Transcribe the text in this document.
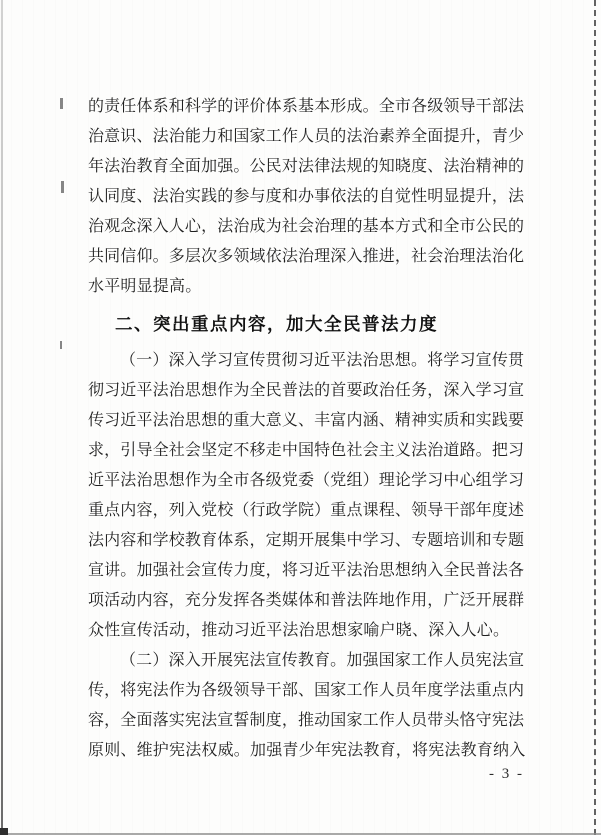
的责任体系和科学的评价体系基本形成。全市各级领导干部法
治意识、法治能力和国家工作人员的法治素养全面提升，青少
年法治教育全面加强。公民对法律法规的知晓度、法治精神的
认同度、法治实践的参与度和办事依法的自觉性明显提升，法
治观念深入人心，法治成为社会治理的基本方式和全市公民的
共同信仰。多层次多领域依法治理深入推进，社会治理法治化
水平明显提高。
二、突出重点内容，加大全民普法力度
（一）深入学习宣传贯彻习近平法治思想。将学习宣传贯
彻习近平法治思想作为全民普法的首要政治任务，深入学习宣
传习近平法治思想的重大意义、丰富内涵、精神实质和实践要
求，引导全社会坚定不移走中国特色社会主义法治道路。把习
近平法治思想作为全市各级党委（党组）理论学习中心组学习
重点内容，列入党校（行政学院）重点课程、领导干部年度述
法内容和学校教育体系，定期开展集中学习、专题培训和专题
宣讲。加强社会宣传力度，将习近平法治思想纳入全民普法各
项活动内容，充分发挥各类媒体和普法阵地作用，广泛开展群
众性宣传活动，推动习近平法治思想家喻户晓、深入人心。
（二）深入开展宪法宣传教育。加强国家工作人员宪法宣
传，将宪法作为各级领导干部、国家工作人员年度学法重点内
容，全面落实宪法宣誓制度，推动国家工作人员带头恪守宪法
原则、维护宪法权威。加强青少年宪法教育，将宪法教育纳入
- 3 -
